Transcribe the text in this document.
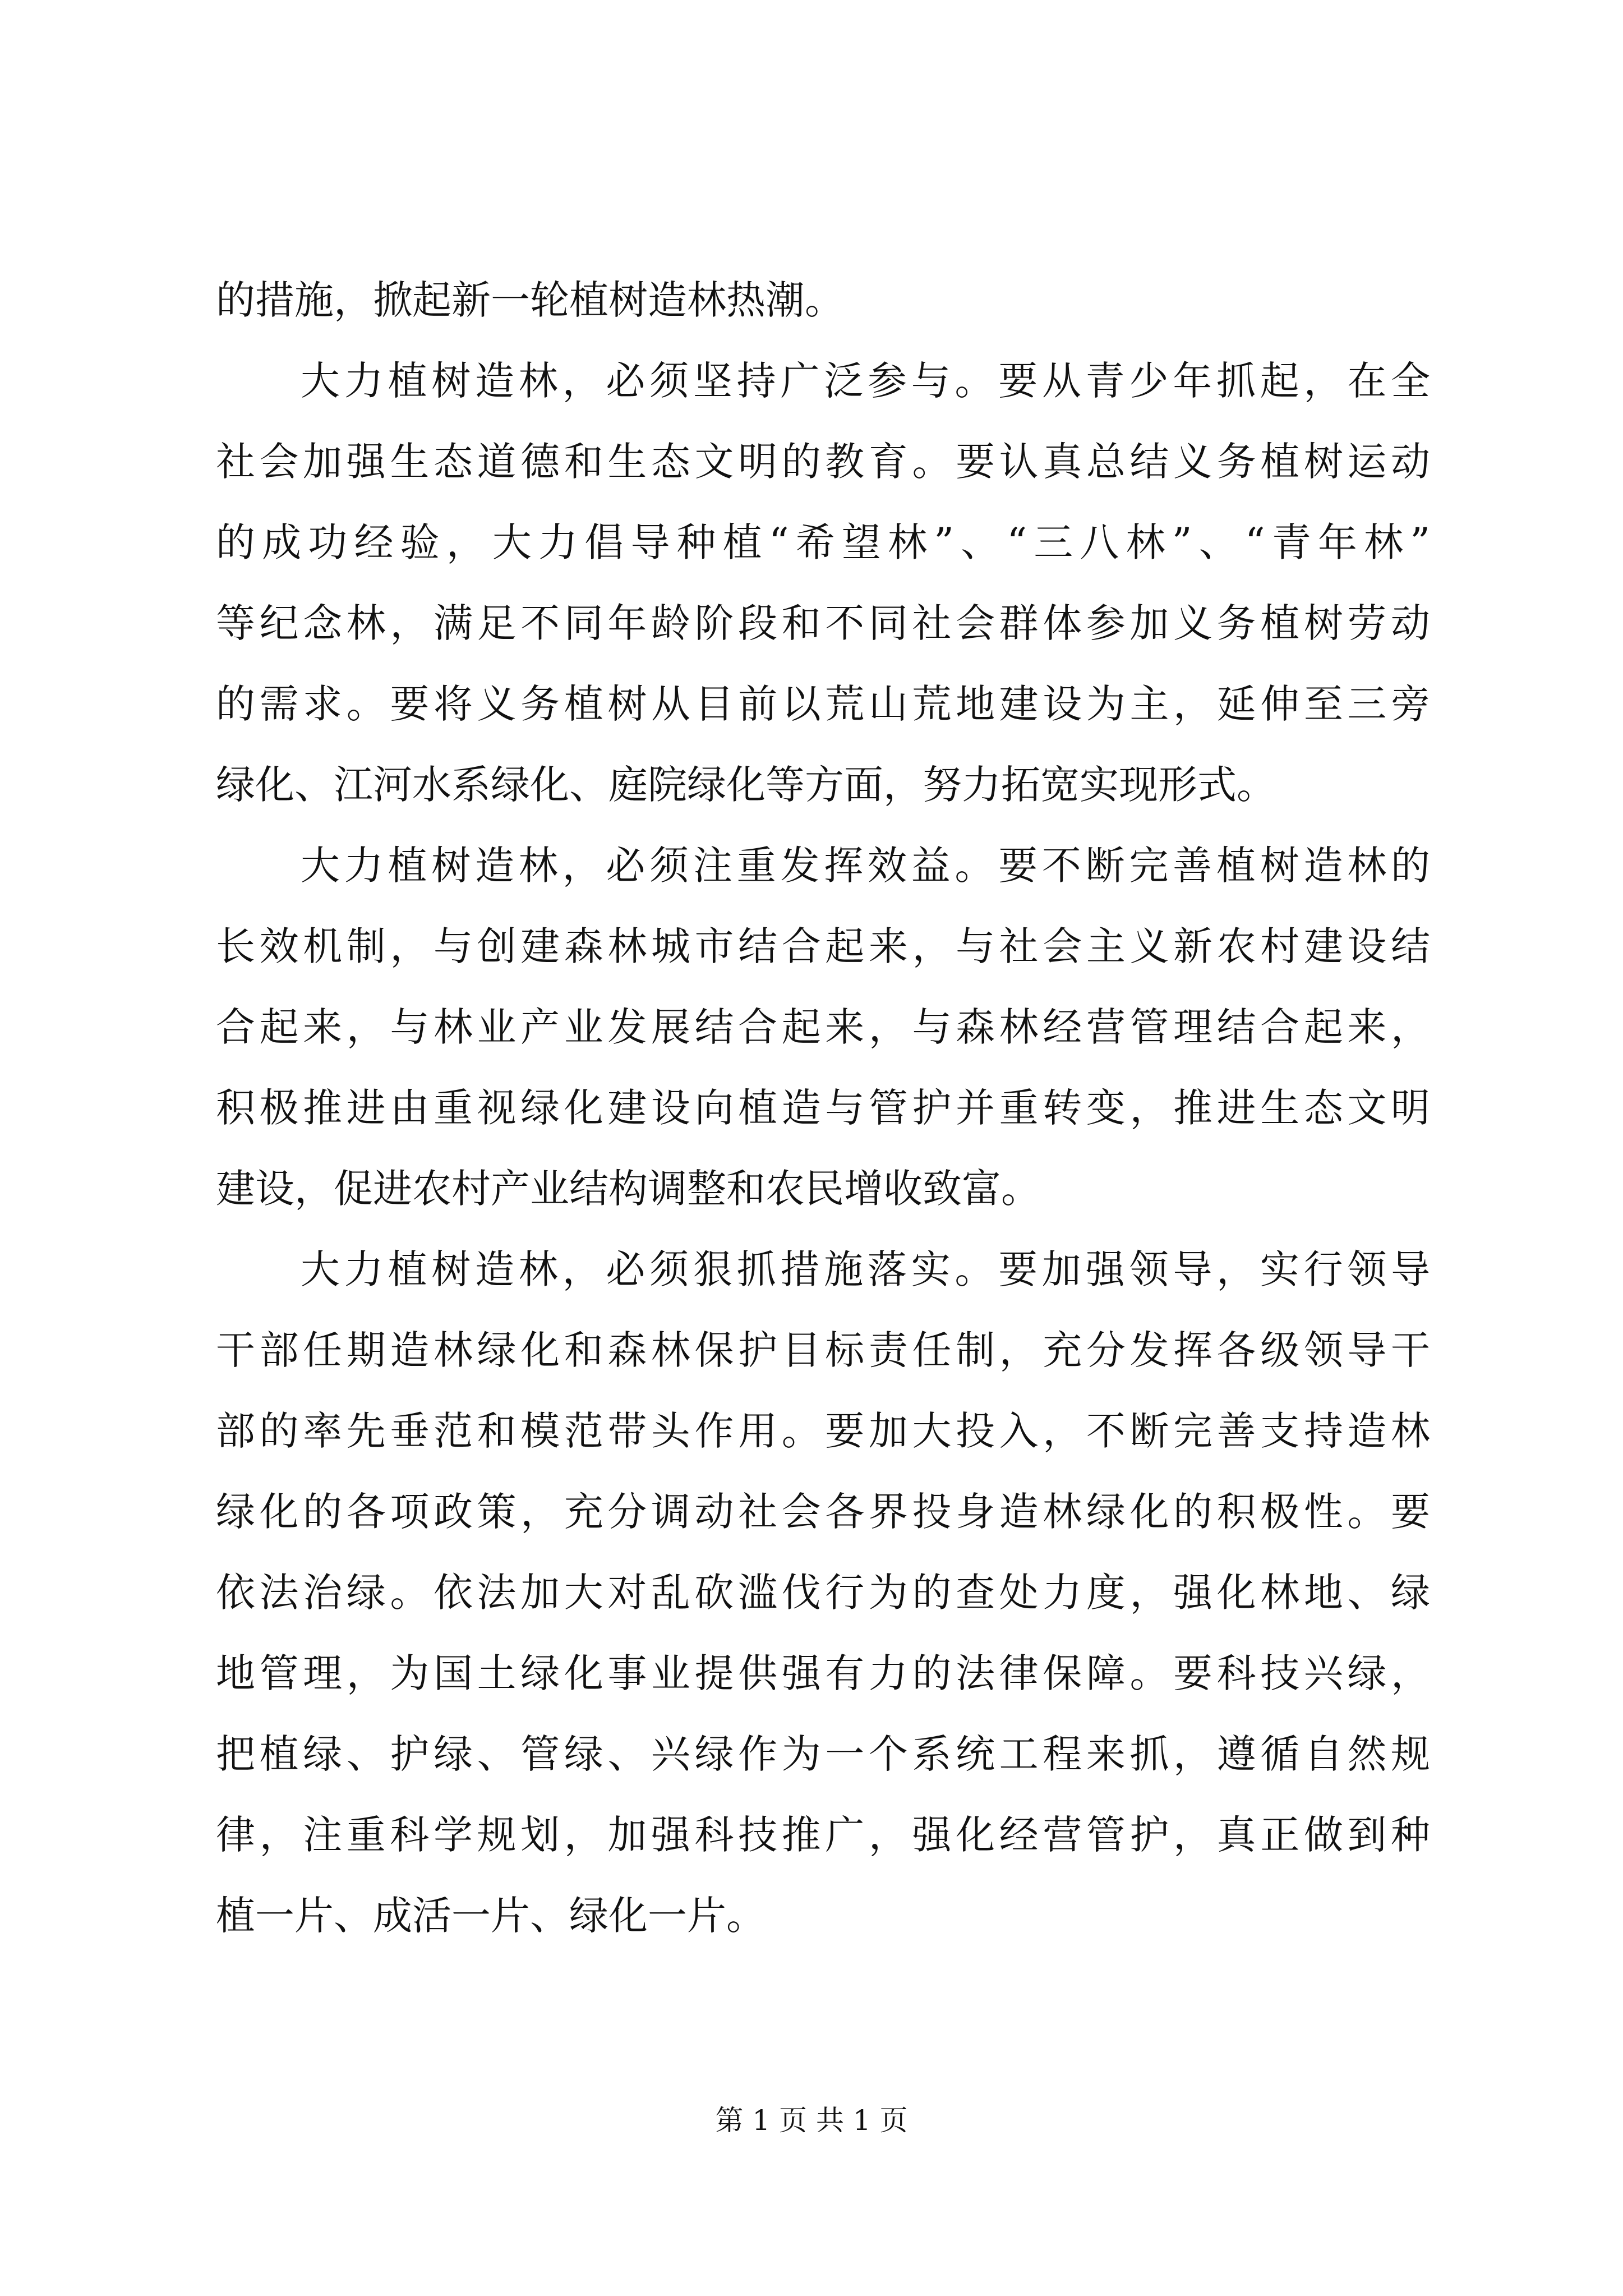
的措施，掀起新一轮植树造林热潮。
大力植树造林，必须坚持广泛参与。要从青少年抓起，在全
社会加强生态道德和生态文明的教育。要认真总结义务植树运动
的成功经验，大力倡导种植“希望林”、“三八林”、“青年林”
等纪念林，满足不同年龄阶段和不同社会群体参加义务植树劳动
的需求。要将义务植树从目前以荒山荒地建设为主，延伸至三旁
绿化、江河水系绿化、庭院绿化等方面，努力拓宽实现形式。
大力植树造林，必须注重发挥效益。要不断完善植树造林的
长效机制，与创建森林城市结合起来，与社会主义新农村建设结
合起来，与林业产业发展结合起来，与森林经营管理结合起来，
积极推进由重视绿化建设向植造与管护并重转变，推进生态文明
建设，促进农村产业结构调整和农民增收致富。
大力植树造林，必须狠抓措施落实。要加强领导，实行领导
干部任期造林绿化和森林保护目标责任制，充分发挥各级领导干
部的率先垂范和模范带头作用。要加大投入，不断完善支持造林
绿化的各项政策，充分调动社会各界投身造林绿化的积极性。要
依法治绿。依法加大对乱砍滥伐行为的查处力度，强化林地、绿
地管理，为国土绿化事业提供强有力的法律保障。要科技兴绿，
把植绿、护绿、管绿、兴绿作为一个系统工程来抓，遵循自然规
律，注重科学规划，加强科技推广，强化经营管护，真正做到种
植一片、成活一片、绿化一片。
第 1 页 共 1 页
